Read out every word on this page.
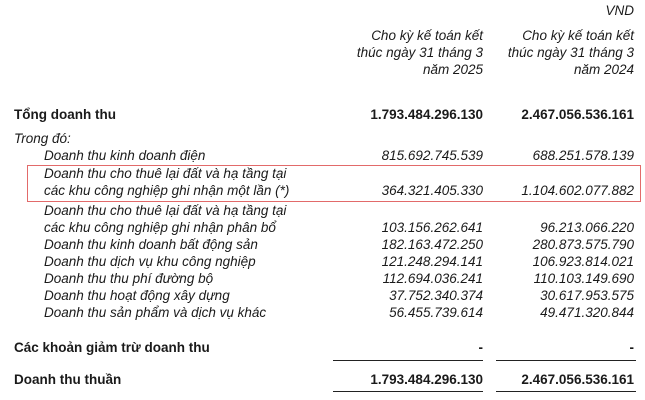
VND
Cho kỳ kế toán kết
thúc ngày 31 tháng 3
năm 2025
Cho kỳ kế toán kết
thúc ngày 31 tháng 3
năm 2024
Tổng doanh thu	1.793.484.296.130	2.467.056.536.161
Trong đó:
Doanh thu kinh doanh điện	815.692.745.539	688.251.578.139
Doanh thu cho thuê lại đất và hạ tầng tại
các khu công nghiệp ghi nhận một lần (*)	364.321.405.330	1.104.602.077.882
Doanh thu cho thuê lại đất và hạ tầng tại
các khu công nghiệp ghi nhận phân bổ	103.156.262.641	96.213.066.220
Doanh thu kinh doanh bất động sản	182.163.472.250	280.873.575.790
Doanh thu dịch vụ khu công nghiệp	121.248.294.141	106.923.814.021
Doanh thu thu phí đường bộ	112.694.036.241	110.103.149.690
Doanh thu hoạt động xây dựng	37.752.340.374	30.617.953.575
Doanh thu sản phẩm và dịch vụ khác	56.455.739.614	49.471.320.844
Các khoản giảm trừ doanh thu	-	-
Doanh thu thuần	1.793.484.296.130	2.467.056.536.161
